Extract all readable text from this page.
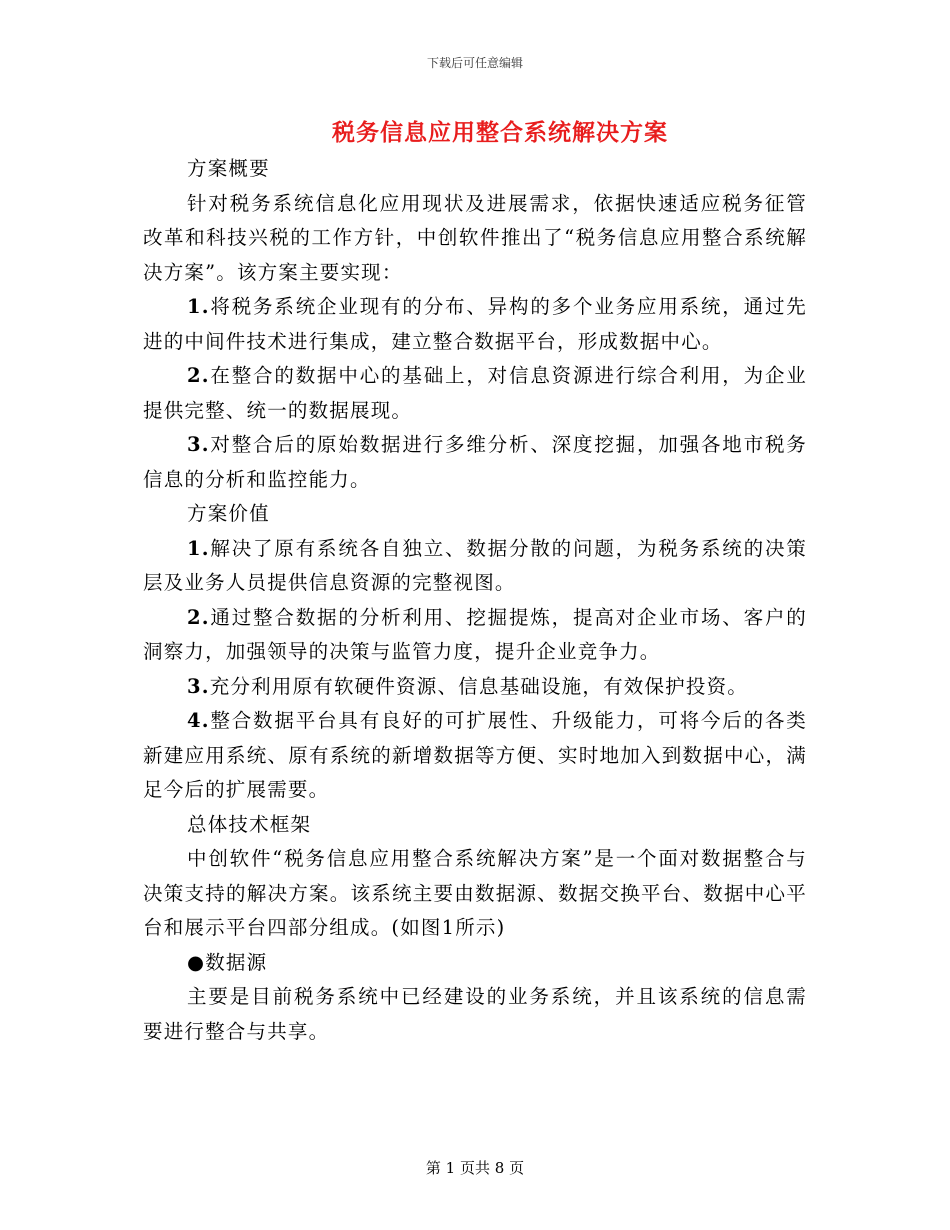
下载后可任意编辑
税务信息应用整合系统解决方案

方案概要

针对税务系统信息化应用现状及进展需求，依据快速适应税务征管改革和科技兴税的工作方针，中创软件推出了“税务信息应用整合系统解决方案”。该方案主要实现：

1.将税务系统企业现有的分布、异构的多个业务应用系统，通过先进的中间件技术进行集成，建立整合数据平台，形成数据中心。

2.在整合的数据中心的基础上，对信息资源进行综合利用，为企业提供完整、统一的数据展现。

3.对整合后的原始数据进行多维分析、深度挖掘，加强各地市税务信息的分析和监控能力。

方案价值

1.解决了原有系统各自独立、数据分散的问题，为税务系统的决策层及业务人员提供信息资源的完整视图。

2.通过整合数据的分析利用、挖掘提炼，提高对企业市场、客户的洞察力，加强领导的决策与监管力度，提升企业竞争力。

3.充分利用原有软硬件资源、信息基础设施，有效保护投资。

4.整合数据平台具有良好的可扩展性、升级能力，可将今后的各类新建应用系统、原有系统的新增数据等方便、实时地加入到数据中心，满足今后的扩展需要。

总体技术框架

中创软件“税务信息应用整合系统解决方案”是一个面对数据整合与决策支持的解决方案。该系统主要由数据源、数据交换平台、数据中心平台和展示平台四部分组成。(如图1所示)

●数据源

主要是目前税务系统中已经建设的业务系统，并且该系统的信息需要进行整合与共享。

第 1 页共 8 页
